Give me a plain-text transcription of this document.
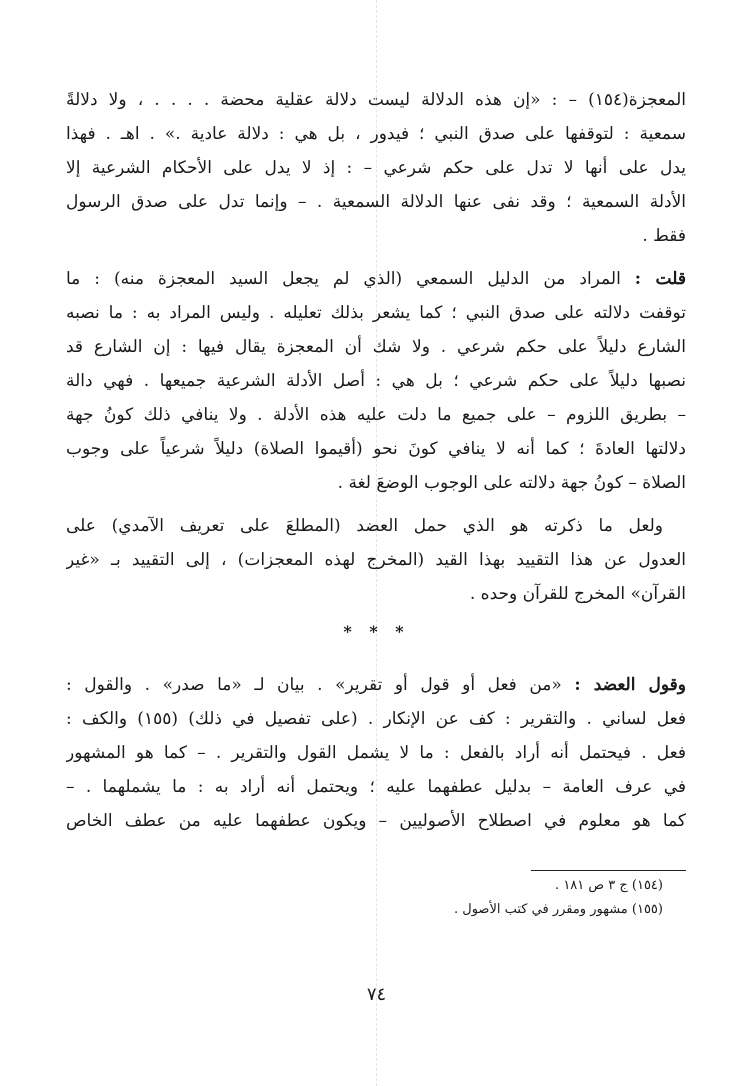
المعجزة(١٥٤) – : «إن هذه الدلالة ليست دلالة عقلية محضة . . . . ، ولا دلالةً
سمعية : لتوقفها على صدق النبي ؛ فيدور ، بل هي : دلالة عادية .» . اهـ . فهذا
يدل على أنها لا تدل على حكم شرعي – : إذ لا يدل على الأحكام الشرعية إلا
الأدلة السمعية ؛ وقد نفى عنها الدلالة السمعية . – وإنما تدل على صدق الرسول
فقط .
قلت : المراد من الدليل السمعي (الذي لم يجعل السيد المعجزة منه) : ما
توقفت دلالته على صدق النبي ؛ كما يشعر بذلك تعليله . وليس المراد به : ما نصبه
الشارع دليلاً على حكم شرعي . ولا شك أن المعجزة يقال فيها : إن الشارع قد
نصبها دليلاً على حكم شرعي ؛ بل هي : أصل الأدلة الشرعية جميعها . فهي دالة
– بطريق اللزوم – على جميع ما دلت عليه هذه الأدلة . ولا ينافي ذلك كونُ جهة
دلالتها العادةَ ؛ كما أنه لا ينافي كونَ نحو (أقيموا الصلاة) دليلاً شرعياً على وجوب
الصلاة – كونُ جهة دلالته على الوجوب الوضعَ لغة .
ولعل ما ذكرته هو الذي حمل العضد (المطلعَ على تعريف الآمدي) على
العدول عن هذا التقييد بهذا القيد (المخرج لهذه المعجزات) ، إلى التقييد بـ «غير
القرآن» المخرج للقرآن وحده .
* * *
وقول العضد : «من فعل أو قول أو تقرير» . بيان لـ «ما صدر» . والقول :
فعل لساني . والتقرير : كف عن الإنكار . (على تفصيل في ذلك) (١٥٥) والكف :
فعل . فيحتمل أنه أراد بالفعل : ما لا يشمل القول والتقرير . – كما هو المشهور
في عرف العامة – بدليل عطفهما عليه ؛ ويحتمل أنه أراد به : ما يشملهما . –
كما هو معلوم في اصطلاح الأصوليين – ويكون عطفهما عليه من عطف الخاص
(١٥٤) ج ٣ ص ١٨١ .
(١٥٥) مشهور ومقرر في كتب الأصول .
٧٤
